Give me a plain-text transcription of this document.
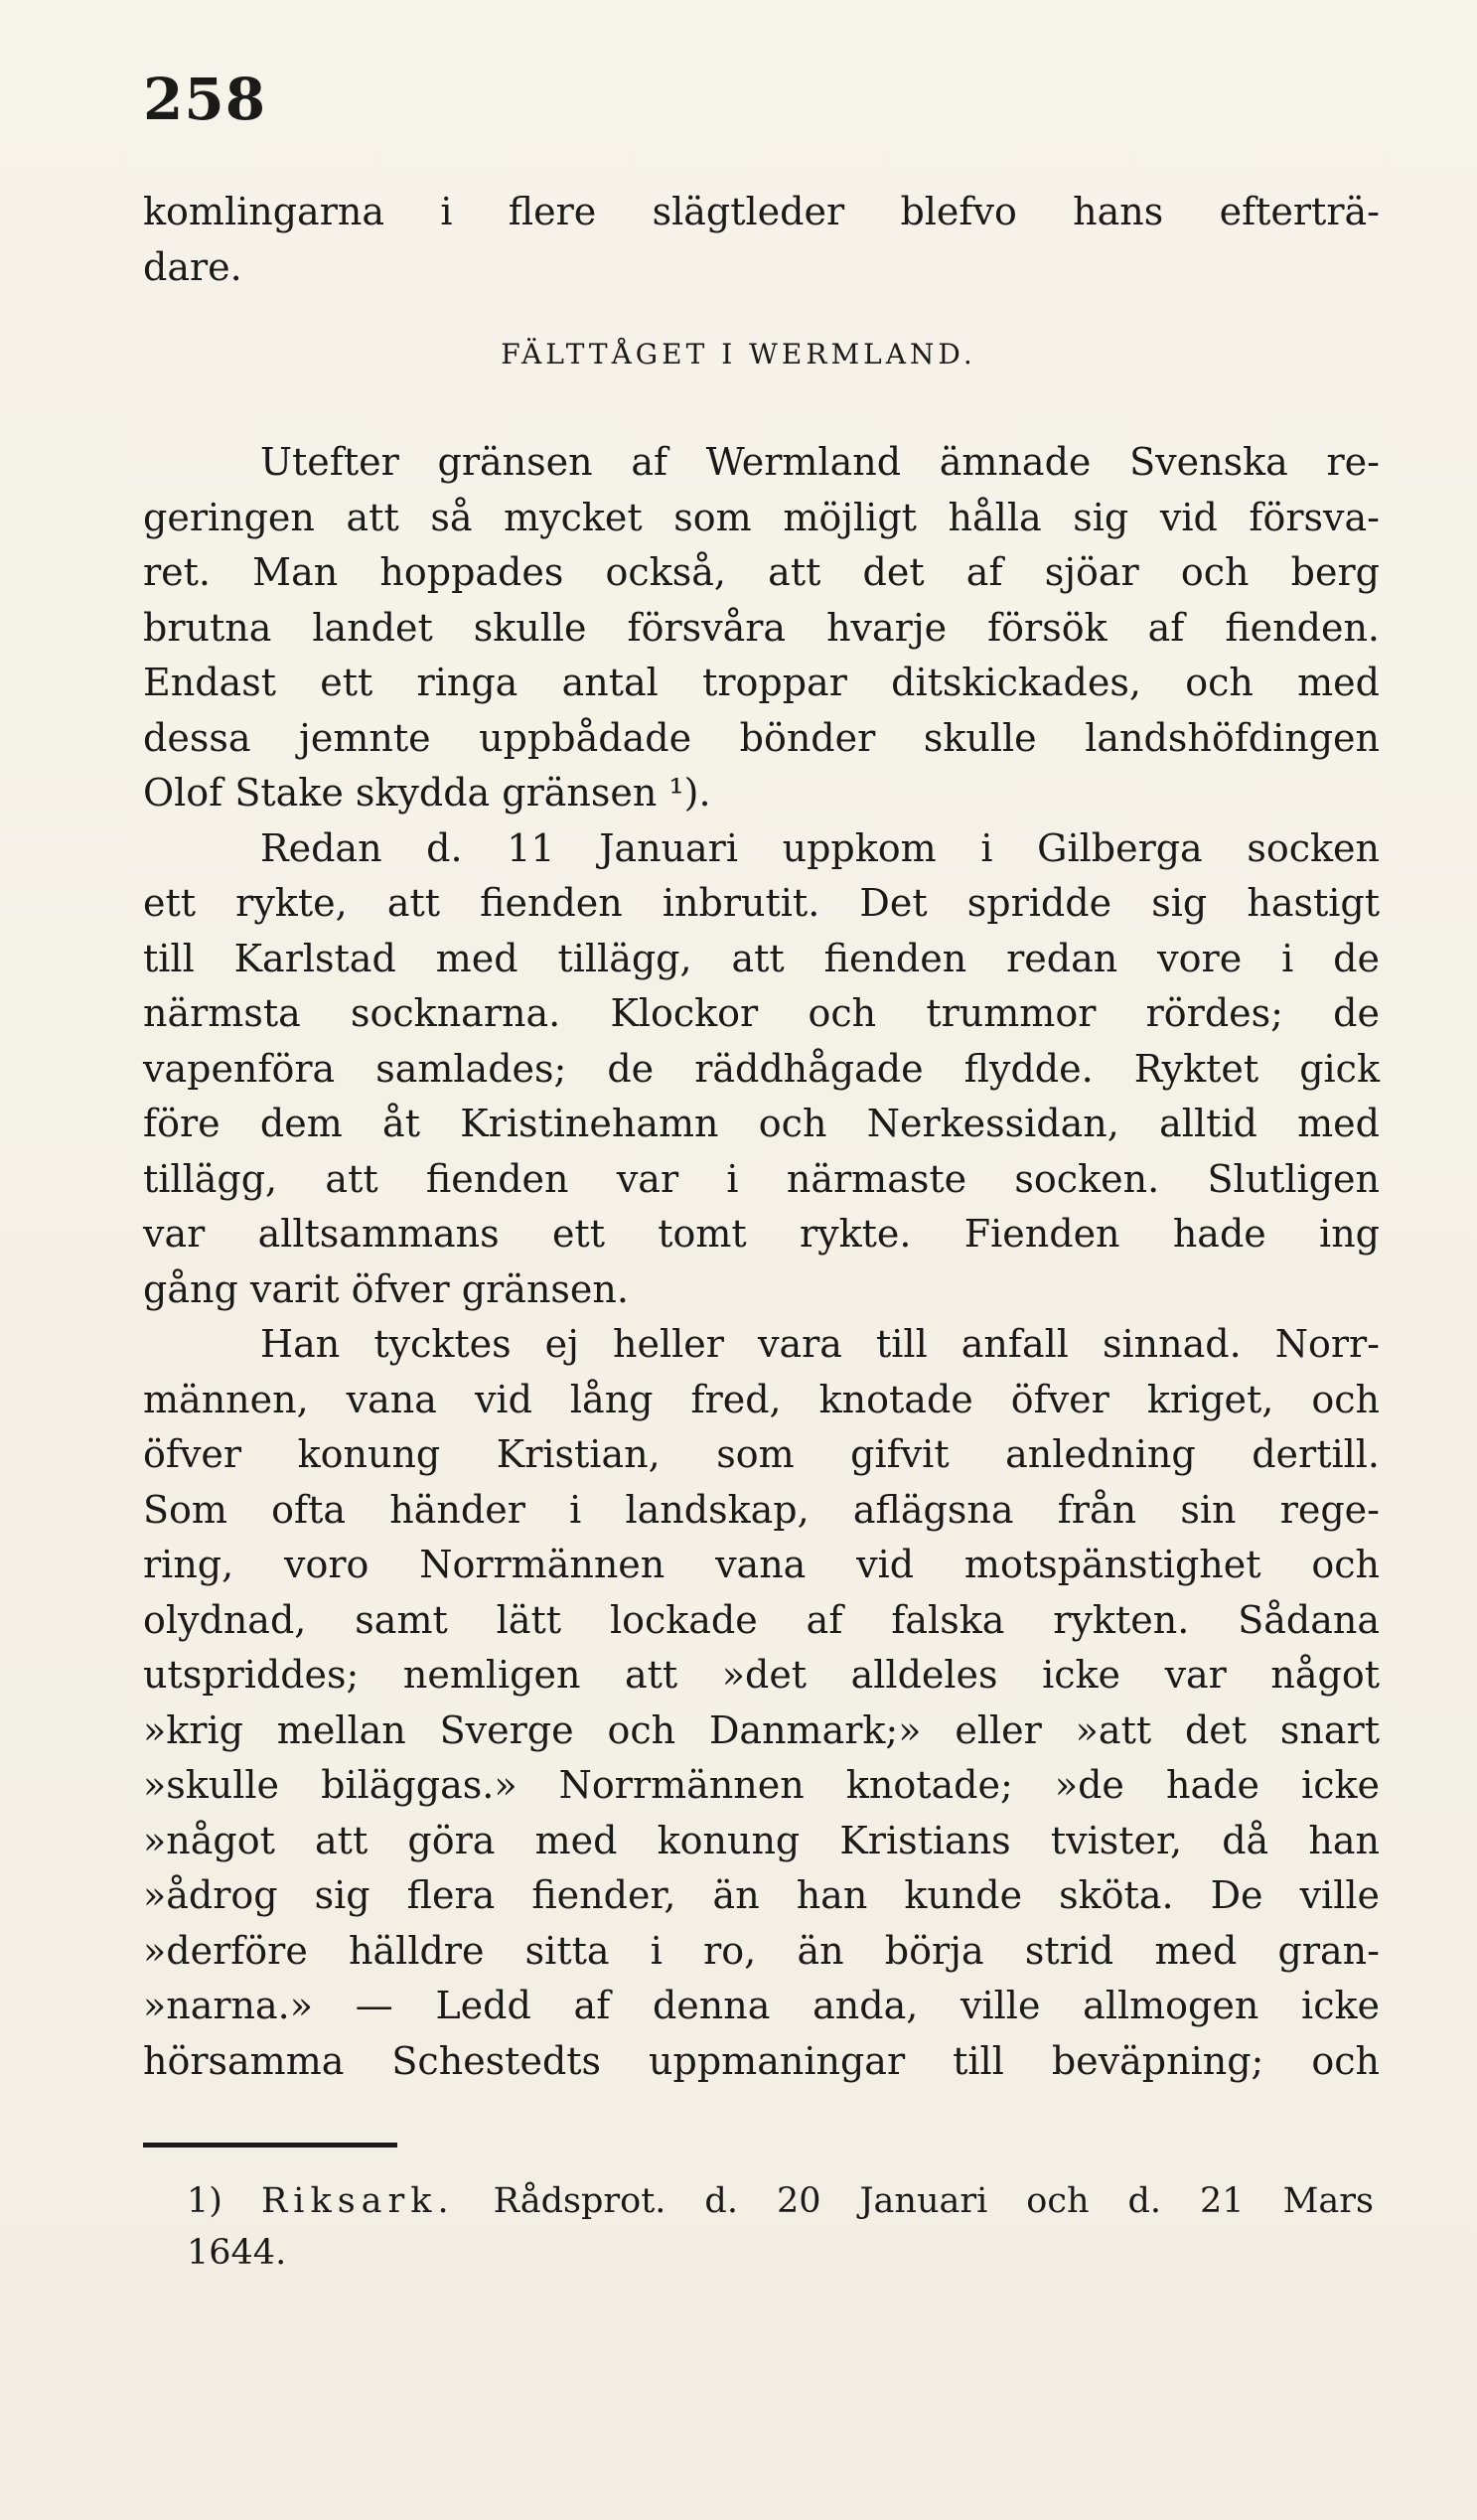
258
komlingarna i flere slägtleder blefvo hans efterträ-
dare.
FÄLTTÅGET I WERMLAND.
Utefter gränsen af Wermland ämnade Svenska re-
geringen att så mycket som möjligt hålla sig vid försva-
ret. Man hoppades också, att det af sjöar och berg
brutna landet skulle försvåra hvarje försök af fienden.
Endast ett ringa antal troppar ditskickades, och med
dessa jemnte uppbådade bönder skulle landshöfdingen
Olof Stake skydda gränsen ¹).
Redan d. 11 Januari uppkom i Gilberga socken
ett rykte, att fienden inbrutit. Det spridde sig hastigt
till Karlstad med tillägg, att fienden redan vore i de
närmsta socknarna. Klockor och trummor rördes; de
vapenföra samlades; de räddhågade flydde. Ryktet gick
före dem åt Kristinehamn och Nerkessidan, alltid med
tillägg, att fienden var i närmaste socken. Slutligen
var alltsammans ett tomt rykte. Fienden hade ing
gång varit öfver gränsen.
Han tycktes ej heller vara till anfall sinnad. Norr-
männen, vana vid lång fred, knotade öfver kriget, och
öfver konung Kristian, som gifvit anledning dertill.
Som ofta händer i landskap, aflägsna från sin rege-
ring, voro Norrmännen vana vid motspänstighet och
olydnad, samt lätt lockade af falska rykten. Sådana
utspriddes; nemligen att »det alldeles icke var något
»krig mellan Sverge och Danmark;» eller »att det snart
»skulle biläggas.» Norrmännen knotade; »de hade icke
»något att göra med konung Kristians tvister, då han
»ådrog sig flera fiender, än han kunde sköta. De ville
»derföre hälldre sitta i ro, än börja strid med gran-
»narna.» — Ledd af denna anda, ville allmogen icke
hörsamma Schestedts uppmaningar till beväpning; och
1) Riksark. Rådsprot. d. 20 Januari och d. 21 Mars
1644.
